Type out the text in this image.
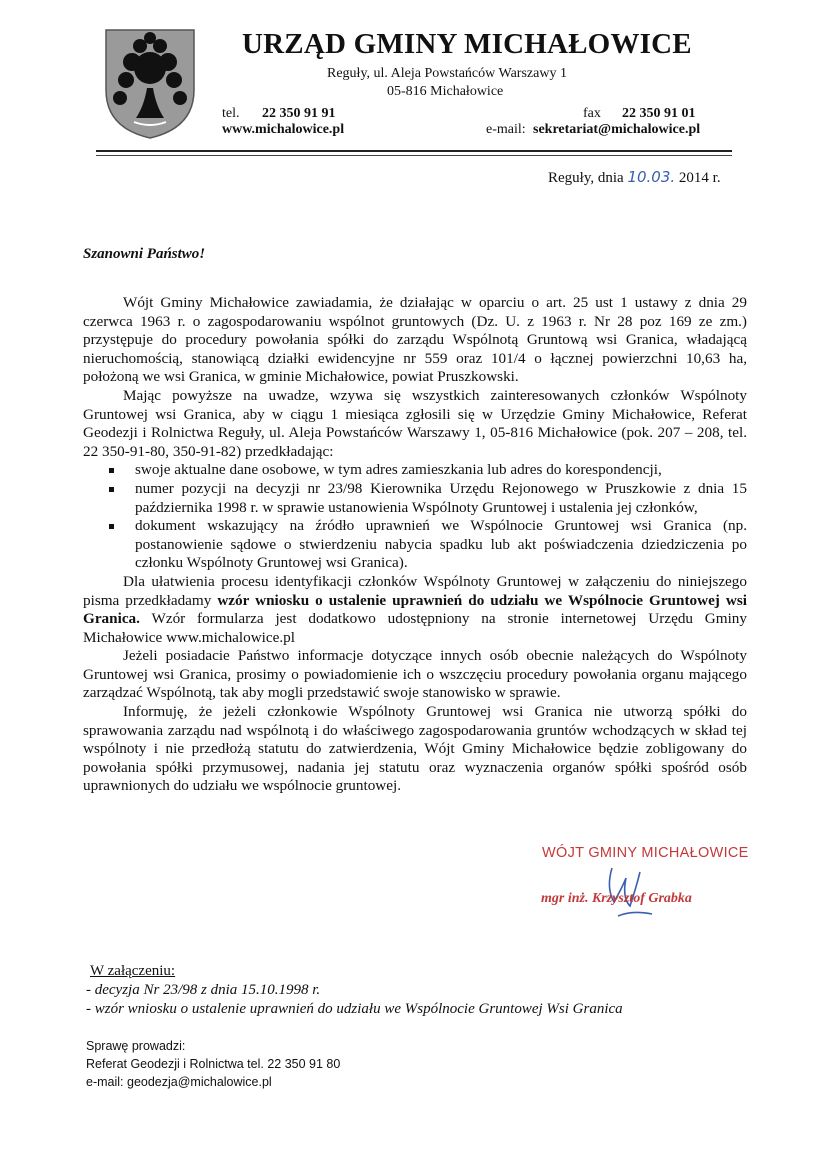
URZĄD GMINY MICHAŁOWICE
Reguły, ul. Aleja Powstańców Warszawy 1
05-816 Michałowice
tel. 22 350 91 91	fax 22 350 91 01
www.michalowice.pl	e-mail: sekretariat@michalowice.pl
Reguły, dnia 10.03. 2014 r.
Szanowni Państwo!

Wójt Gminy Michałowice zawiadamia, że działając w oparciu o art. 25 ust 1 ustawy z dnia 29 czerwca 1963 r. o zagospodarowaniu wspólnot gruntowych (Dz. U. z 1963 r. Nr 28 poz 169 ze zm.) przystępuje do procedury powołania spółki do zarządu Wspólnotą Gruntową wsi Granica, władającą nieruchomością, stanowiącą działki ewidencyjne nr 559 oraz 101/4 o łącznej powierzchni 10,63 ha, położoną we wsi Granica, w gminie Michałowice, powiat Pruszkowski.

Mając powyższe na uwadze, wzywa się wszystkich zainteresowanych członków Wspólnoty Gruntowej wsi Granica, aby w ciągu 1 miesiąca zgłosili się w Urzędzie Gminy Michałowice, Referat Geodezji i Rolnictwa Reguły, ul. Aleja Powstańców Warszawy 1, 05-816 Michałowice (pok. 207 – 208, tel. 22 350-91-80, 350-91-82) przedkładając:

swoje aktualne dane osobowe, w tym adres zamieszkania lub adres do korespondencji,
numer pozycji na decyzji nr 23/98 Kierownika Urzędu Rejonowego w Pruszkowie z dnia 15 października 1998 r. w sprawie ustanowienia Wspólnoty Gruntowej i ustalenia jej członków,
dokument wskazujący na źródło uprawnień we Wspólnocie Gruntowej wsi Granica (np. postanowienie sądowe o stwierdzeniu nabycia spadku lub akt poświadczenia dziedziczenia po członku Wspólnoty Gruntowej wsi Granica).

Dla ułatwienia procesu identyfikacji członków Wspólnoty Gruntowej w załączeniu do niniejszego pisma przedkładamy wzór wniosku o ustalenie uprawnień do udziału we Wspólnocie Gruntowej wsi Granica. Wzór formularza jest dodatkowo udostępniony na stronie internetowej Urzędu Gminy Michałowice www.michalowice.pl

Jeżeli posiadacie Państwo informacje dotyczące innych osób obecnie należących do Wspólnoty Gruntowej wsi Granica, prosimy o powiadomienie ich o wszczęciu procedury powołania organu mającego zarządzać Wspólnotą, tak aby mogli przedstawić swoje stanowisko w sprawie.

Informuję, że jeżeli członkowie Wspólnoty Gruntowej wsi Granica nie utworzą spółki do sprawowania zarządu nad wspólnotą i do właściwego zagospodarowania gruntów wchodzących w skład tej wspólnoty i nie przedłożą statutu do zatwierdzenia, Wójt Gminy Michałowice będzie zobligowany do powołania spółki przymusowej, nadania jej statutu oraz wyznaczenia organów spółki spośród osób uprawnionych do udziału we wspólnocie gruntowej.

WÓJT GMINY MICHAŁOWICE
mgr inż. Krzysztof Grabka
W załączeniu:
- decyzja Nr 23/98 z dnia 15.10.1998 r.
- wzór wniosku o ustalenie uprawnień do udziału we Wspólnocie Gruntowej Wsi Granica
Sprawę prowadzi:
Referat Geodezji i Rolnictwa tel. 22 350 91 80
e-mail: geodezja@michalowice.pl
